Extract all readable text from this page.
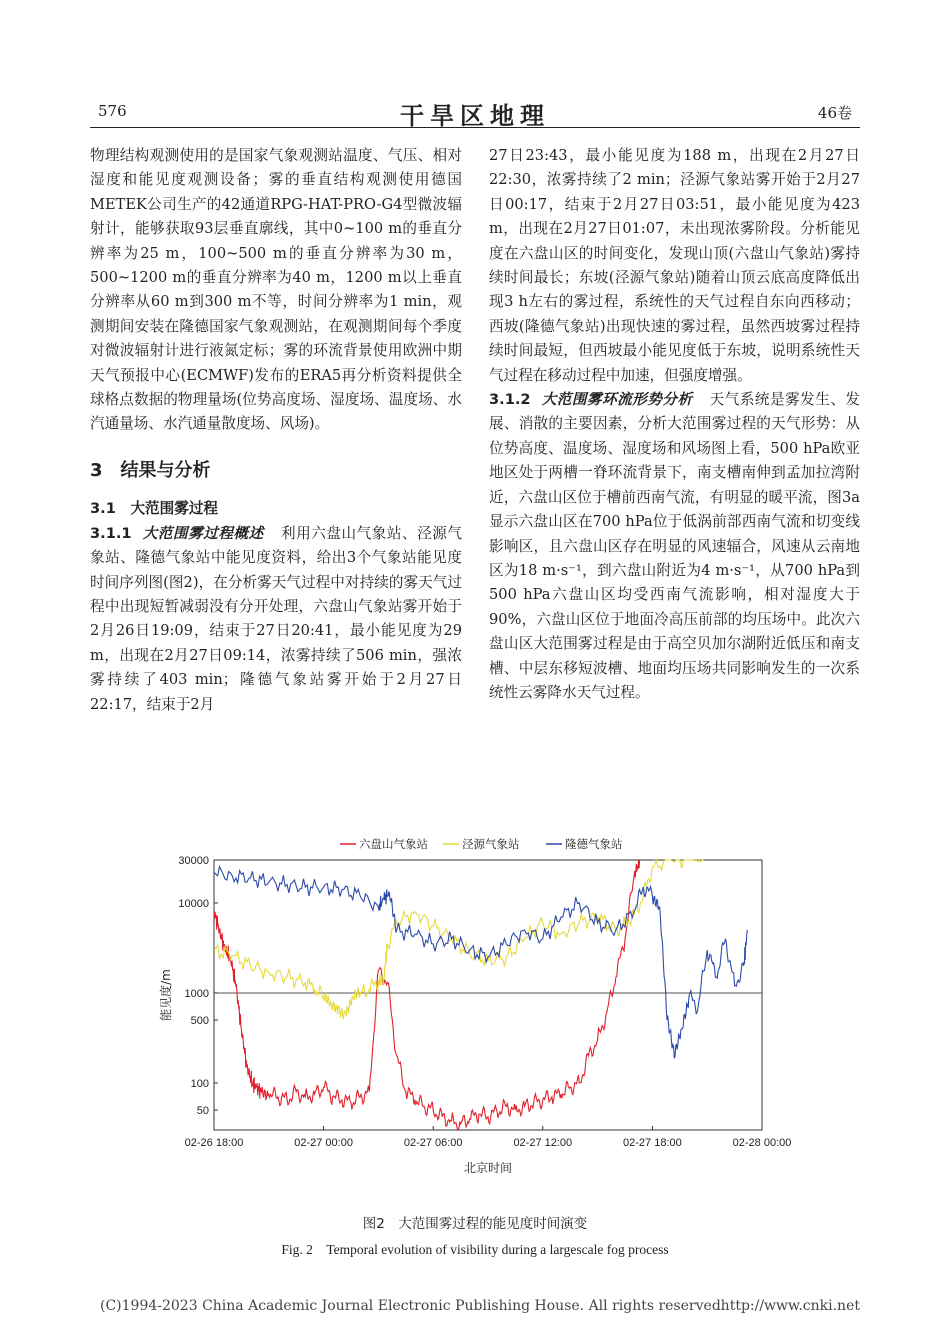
576	干旱区地理	46卷

物理结构观测使用的是国家气象观测站温度、气压、相对湿度和能见度观测设备；雾的垂直结构观测使用德国METEK公司生产的42通道RPG-HAT-PRO-G4型微波辐射计，能够获取93层垂直廓线，其中0~100 m的垂直分辨率为25 m，100~500 m的垂直分辨率为30 m，500~1200 m的垂直分辨率为40 m，1200 m以上垂直分辨率从60 m到300 m不等，时间分辨率为1 min，观测期间安装在隆德国家气象观测站，在观测期间每个季度对微波辐射计进行液氮定标；雾的环流背景使用欧洲中期天气预报中心(ECMWF)发布的ERA5再分析资料提供全球格点数据的物理量场(位势高度场、湿度场、温度场、水汽通量场、水汽通量散度场、风场)。

3　结果与分析

3.1　大范围雾过程

3.1.1 大范围雾过程概述 利用六盘山气象站、泾源气象站、隆德气象站中能见度资料，给出3个气象站能见度时间序列图(图2)，在分析雾天气过程中对持续的雾天气过程中出现短暂减弱没有分开处理，六盘山气象站雾开始于2月26日19:09，结束于27日20:41，最小能见度为29 m，出现在2月27日09:14，浓雾持续了506 min，强浓雾持续了403 min；隆德气象站雾开始于2月27日22:17，结束于2月

27日23:43，最小能见度为188 m，出现在2月27日22:30，浓雾持续了2 min；泾源气象站雾开始于2月27日00:17，结束于2月27日03:51，最小能见度为423 m，出现在2月27日01:07，未出现浓雾阶段。分析能见度在六盘山区的时间变化，发现山顶(六盘山气象站)雾持续时间最长；东坡(泾源气象站)随着山顶云底高度降低出现3 h左右的雾过程，系统性的天气过程自东向西移动；西坡(隆德气象站)出现快速的雾过程，虽然西坡雾过程持续时间最短，但西坡最小能见度低于东坡，说明系统性天气过程在移动过程中加速，但强度增强。

3.1.2 大范围雾环流形势分析 天气系统是雾发生、发展、消散的主要因素，分析大范围雾过程的天气形势：从位势高度、温度场、湿度场和风场图上看，500 hPa欧亚地区处于两槽一脊环流背景下，南支槽南伸到孟加拉湾附近，六盘山区位于槽前西南气流，有明显的暖平流，图3a显示六盘山区在700 hPa位于低涡前部西南气流和切变线影响区，且六盘山区存在明显的风速辐合，风速从云南地区为18 m·s⁻¹，到六盘山附近为4 m·s⁻¹，从700 hPa到500 hPa六盘山区均受西南气流影响，相对湿度大于90%，六盘山区位于地面冷高压前部的均压场中。此次六盘山区大范围雾过程是由于高空贝加尔湖附近低压和南支槽、中层东移短波槽、地面均压场共同影响发生的一次系统性云雾降水天气过程。

50
100
500
1000
10000
30000
02-26 18:00	02-27 00:00	02-27 06:00	02-27 12:00	02-27 18:00	02-28 00:00
北京时间
能见度/m
六盘山气象站	泾源气象站	隆德气象站
图2　大范围雾过程的能见度时间演变
Fig. 2　Temporal evolution of visibility during a largescale fog process
(C)1994-2023 China Academic Journal Electronic Publishing House. All rights reserved.
http://www.cnki.net
